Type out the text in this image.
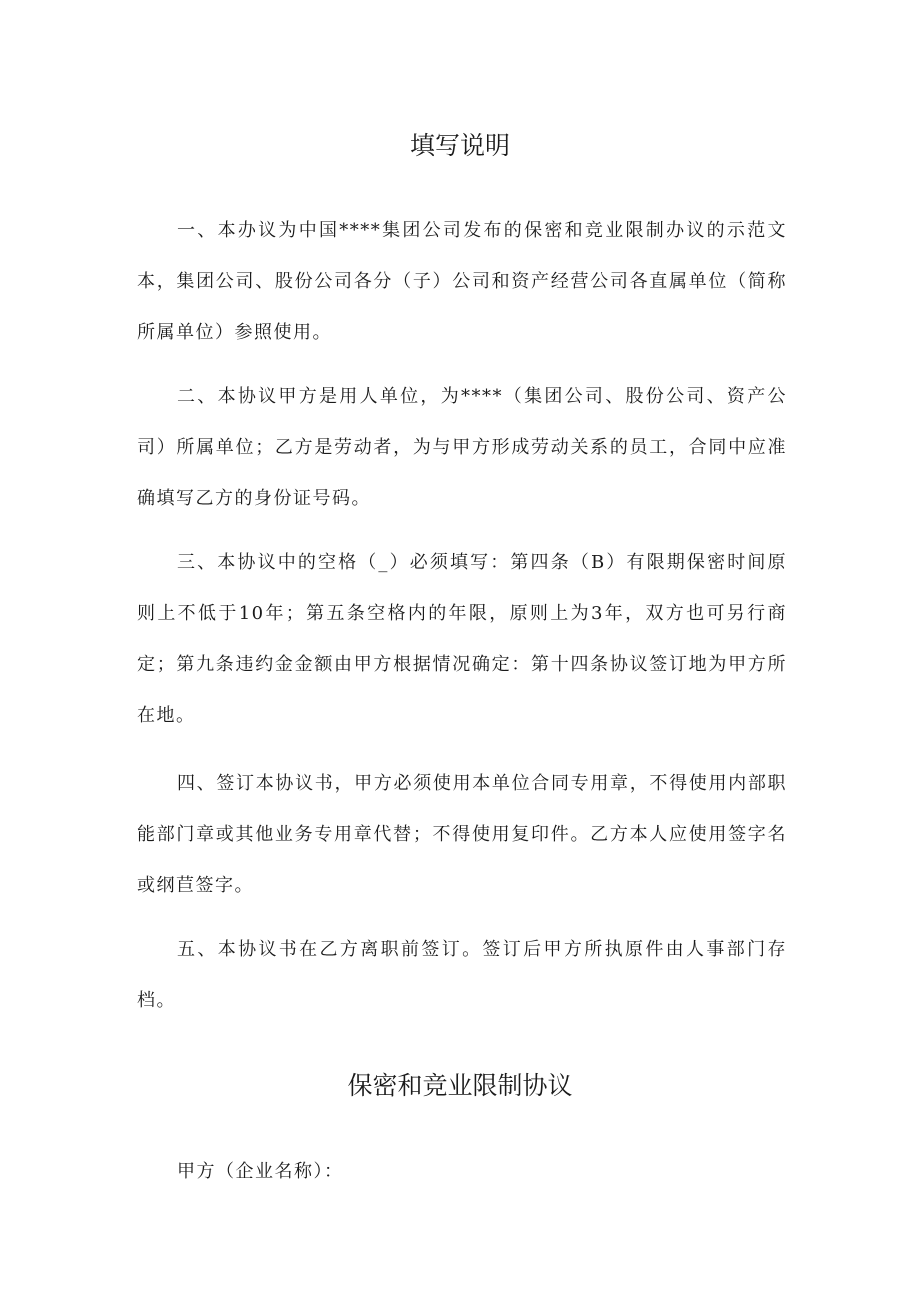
填写说明

一、本办议为中国****集团公司发布的保密和竞业限制办议的示范文本，集团公司、股份公司各分（子）公司和资产经营公司各直属单位（简称所属单位）参照使用。

二、本协议甲方是用人单位，为****（集团公司、股份公司、资产公司）所属单位；乙方是劳动者，为与甲方形成劳动关系的员工，合同中应准确填写乙方的身份证号码。

三、本协议中的空格（_）必须填写：第四条（B）有限期保密时间原则上不低于10年；第五条空格内的年限，原则上为3年，双方也可另行商定；第九条违约金金额由甲方根据情况确定：第十四条协议签订地为甲方所在地。

四、签订本协议书，甲方必须使用本单位合同专用章，不得使用内部职能部门章或其他业务专用章代替；不得使用复印件。乙方本人应使用签字名或纲苣签字。

五、本协议书在乙方离职前签订。签订后甲方所执原件由人事部门存档。

保密和竞业限制协议

甲方（企业名称）：
